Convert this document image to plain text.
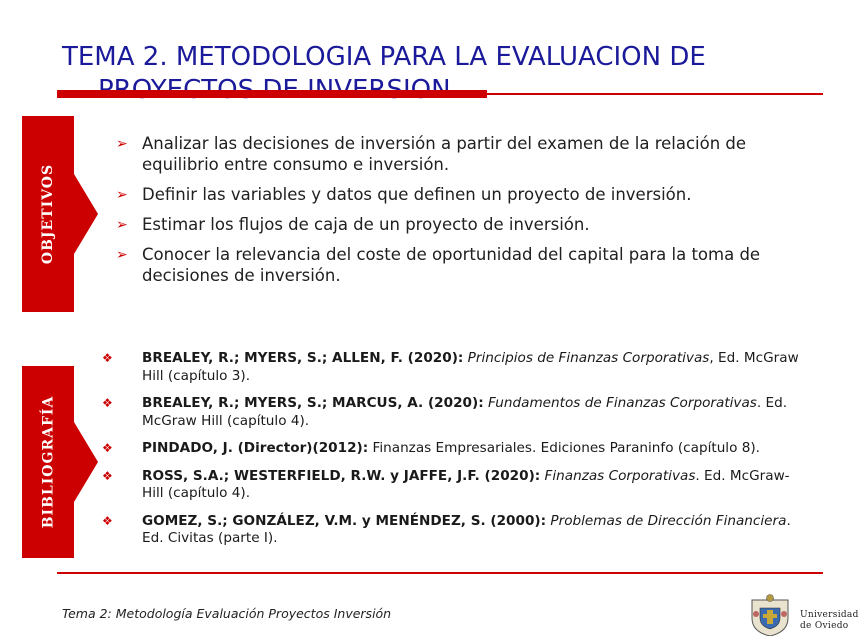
TEMA 2. METODOLOGIA PARA LA EVALUACION DE
OBJETIVOS
➢ Analizar las decisiones de inversión a partir del examen de la relación de equilibrio entre consumo e inversión.
➢ Definir las variables y datos que definen un proyecto de inversión.
➢ Estimar los flujos de caja de un proyecto de inversión.
➢ Conocer la relevancia del coste de oportunidad del capital para la toma de decisiones de inversión.
BIBLIOGRAFÍA
❖ BREALEY, R.; MYERS, S.; ALLEN, F. (2020): Principios de Finanzas Corporativas, Ed. McGraw Hill (capítulo 3).
❖ BREALEY, R.; MYERS, S.; MARCUS, A. (2020): Fundamentos de Finanzas Corporativas. Ed. McGraw Hill (capítulo 4).
❖ PINDADO, J. (Director)(2012): Finanzas Empresariales. Ediciones Paraninfo (capítulo 8).
❖ ROSS, S.A.; WESTERFIELD, R.W. y JAFFE, J.F. (2020): Finanzas Corporativas. Ed. McGraw-Hill (capítulo 4).
❖ GOMEZ, S.; GONZÁLEZ, V.M. y MENÉNDEZ, S. (2000): Problemas de Dirección Financiera. Ed. Civitas (parte I).
Tema 2: Metodología Evaluación Proyectos Inversión	Universidad
de Oviedo
